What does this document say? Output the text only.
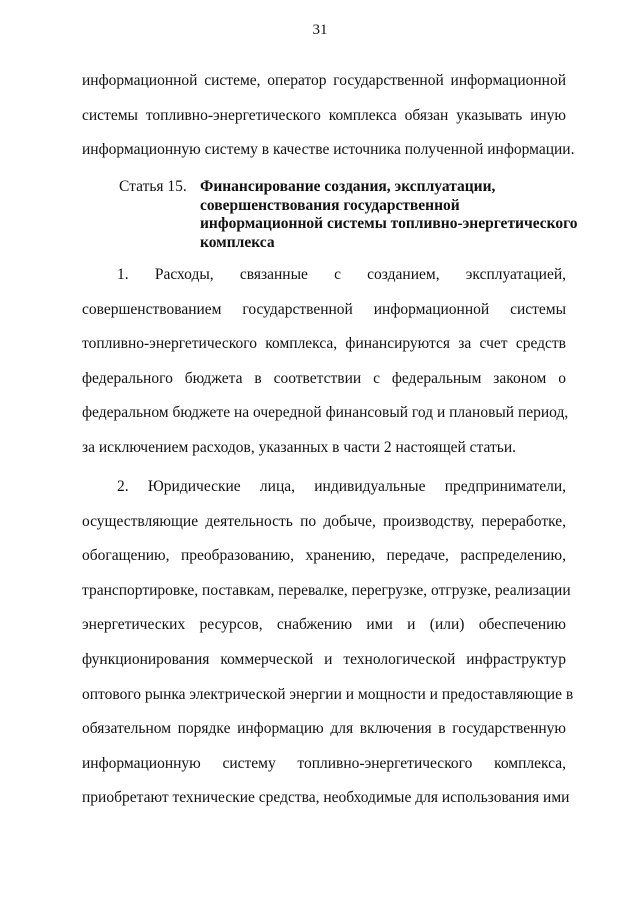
31
информационной системе, оператор государственной информационной
системы топливно-энергетического комплекса обязан указывать иную
информационную систему в качестве источника полученной информации.
Статья 15. Финансирование создания, эксплуатации,
совершенствования государственной
информационной системы топливно-энергетического
комплекса
1. Расходы, связанные с созданием, эксплуатацией,
совершенствованием государственной информационной системы
топливно-энергетического комплекса, финансируются за счет средств
федерального бюджета в соответствии с федеральным законом о
федеральном бюджете на очередной финансовый год и плановый период,
за исключением расходов, указанных в части 2 настоящей статьи.
2. Юридические лица, индивидуальные предприниматели,
осуществляющие деятельность по добыче, производству, переработке,
обогащению, преобразованию, хранению, передаче, распределению,
транспортировке, поставкам, перевалке, перегрузке, отгрузке, реализации
энергетических ресурсов, снабжению ими и (или) обеспечению
функционирования коммерческой и технологической инфраструктур
оптового рынка электрической энергии и мощности и предоставляющие в
обязательном порядке информацию для включения в государственную
информационную систему топливно-энергетического комплекса,
приобретают технические средства, необходимые для использования ими
